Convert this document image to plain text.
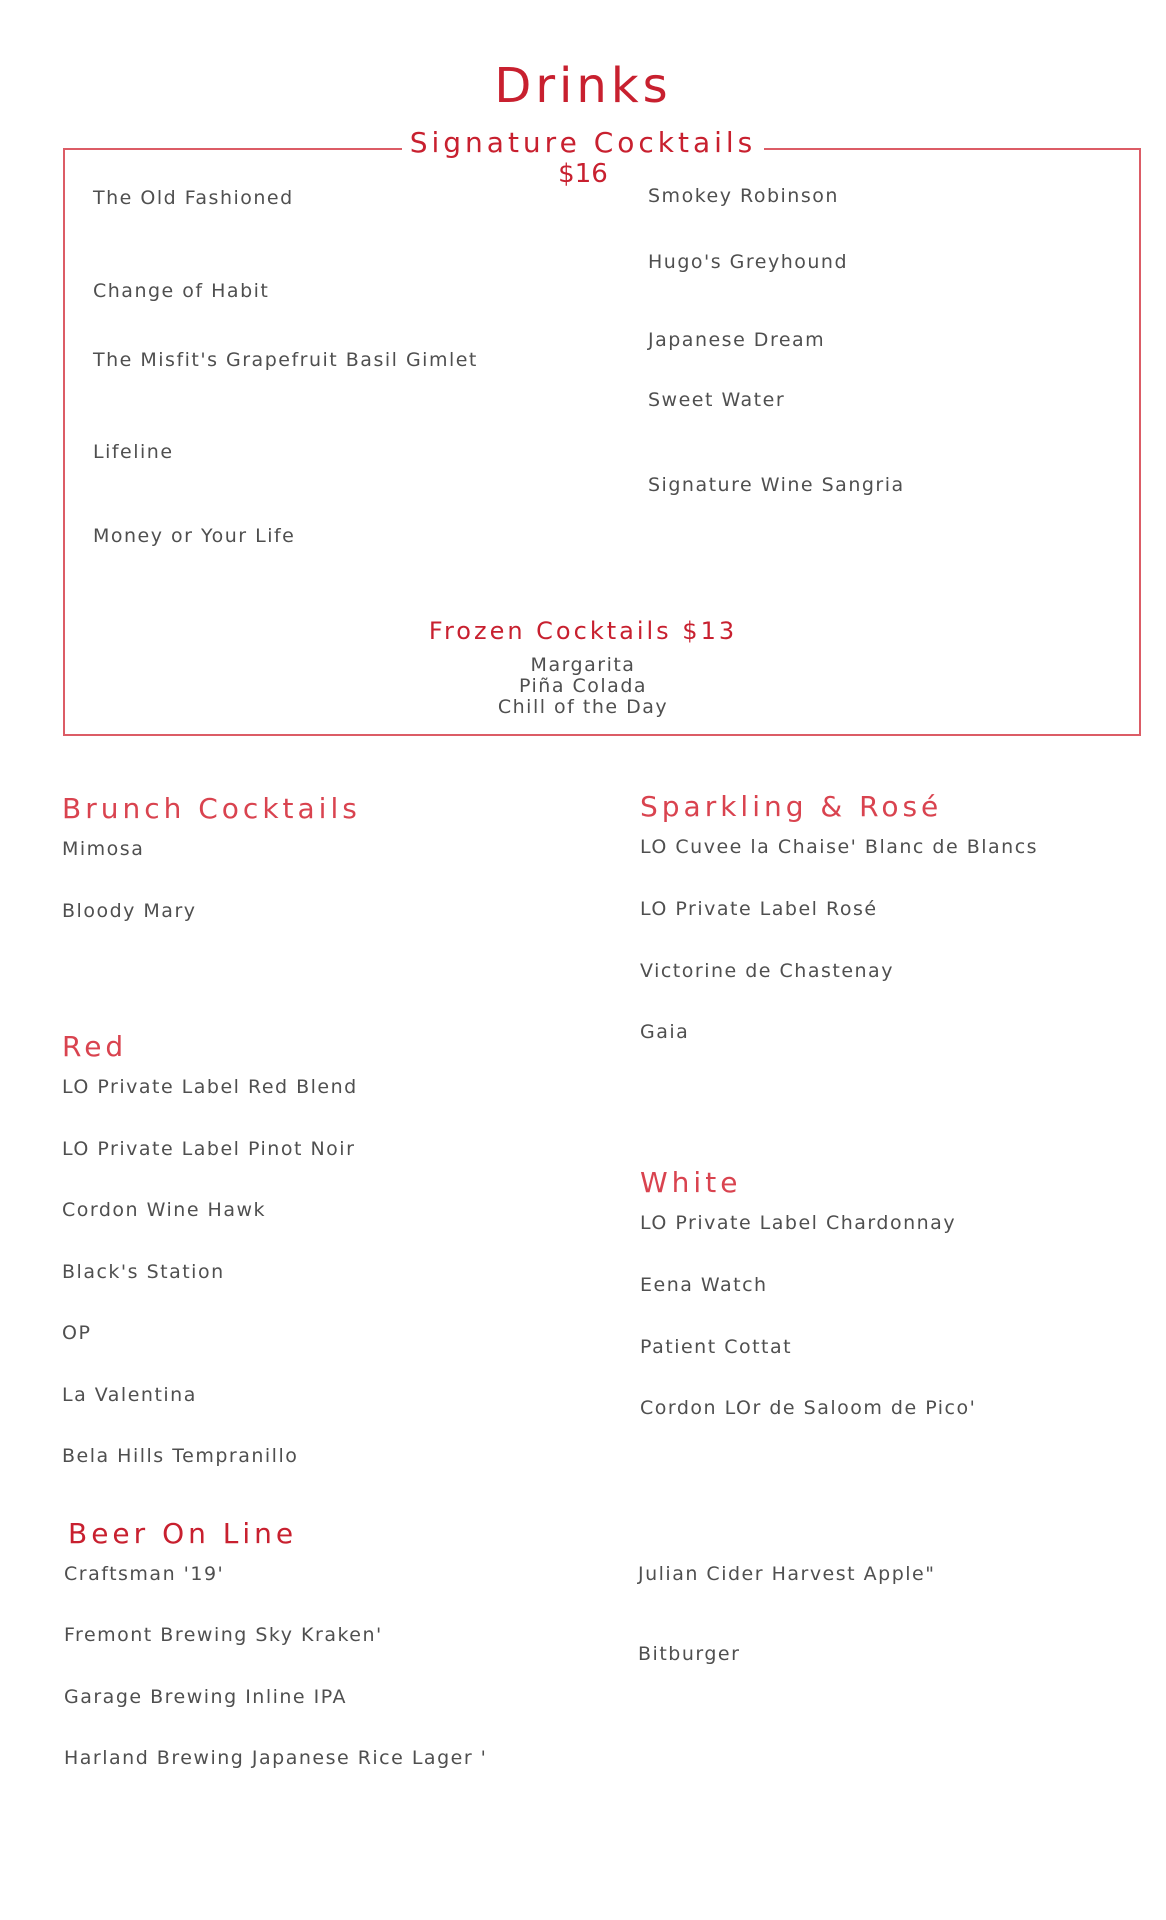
Drinks
Signature Cocktails
$16
The Old Fashioned
Change of Habit
The Misfit's Grapefruit Basil Gimlet
Lifeline
Money or Your Life
Smokey Robinson
Hugo's Greyhound
Japanese Dream
Sweet Water
Signature Wine Sangria
Frozen Cocktails $13
Margarita
Piña Colada
Chill of the Day
Brunch Cocktails
Mimosa
Bloody Mary
Sparkling & Rosé
LO Cuvee la Chaise' Blanc de Blancs
LO Private Label Rosé
Victorine de Chastenay
Gaia
Red
LO Private Label Red Blend
LO Private Label Pinot Noir
Cordon Wine Hawk
Black's Station
OP
La Valentina
Bela Hills Tempranillo
White
LO Private Label Chardonnay
Eena Watch
Patient Cottat
Cordon LOr de Saloom de Pico'
Beer On Line
Craftsman '19'
Fremont Brewing Sky Kraken'
Garage Brewing Inline IPA
Harland Brewing Japanese Rice Lager '
Julian Cider Harvest Apple"
Bitburger
